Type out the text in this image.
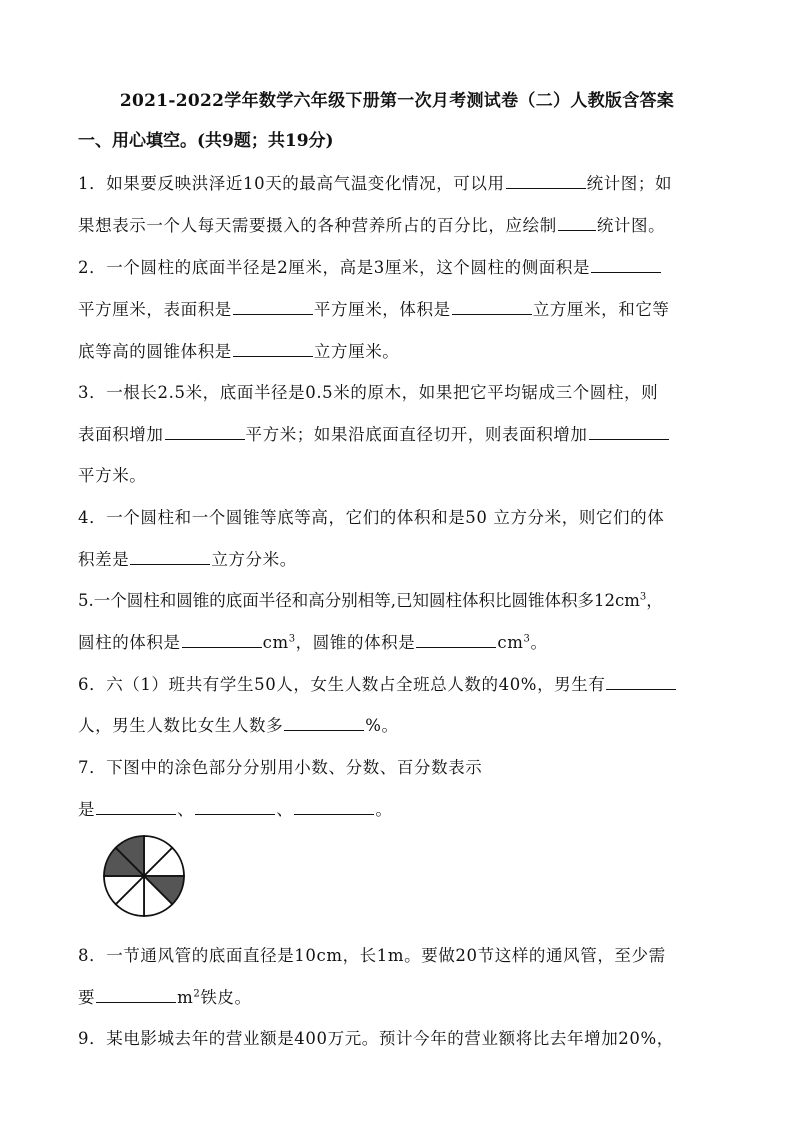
2021-2022学年数学六年级下册第一次月考测试卷（二）人教版含答案
一、用心填空。(共9题；共19分)
1．如果要反映洪泽近10天的最高气温变化情况，可以用	统计图；如
果想表示一个人每天需要摄入的各种营养所占的百分比，应绘制 统计图。
2．一个圆柱的底面半径是2厘米，高是3厘米，这个圆柱的侧面积是
平方厘米，表面积是	平方厘米，体积是	立方厘米，和它等
底等高的圆锥体积是	立方厘米。
3．一根长2.5米，底面半径是0.5米的原木，如果把它平均锯成三个圆柱，则
表面积增加	平方米；如果沿底面直径切开，则表面积增加
平方米。
4．一个圆柱和一个圆锥等底等高，它们的体积和是50 立方分米，则它们的体
积差是	立方分米。
5.一个圆柱和圆锥的底面半径和高分别相等,已知圆柱体积比圆锥体积多$12cm^3$，
圆柱的体积是	$cm^3$，圆锥的体积是	$cm^3$。
6．六（1）班共有学生50人，女生人数占全班总人数的40%，男生有
人，男生人数比女生人数多	%。
7．下图中的涂色部分分别用小数、分数、百分数表示
是	、	、	。
8．一节通风管的底面直径是10cm，长1m。要做20节这样的通风管，至少需
要	$m^2$铁皮。
9．某电影城去年的营业额是400万元。预计今年的营业额将比去年增加20%，
